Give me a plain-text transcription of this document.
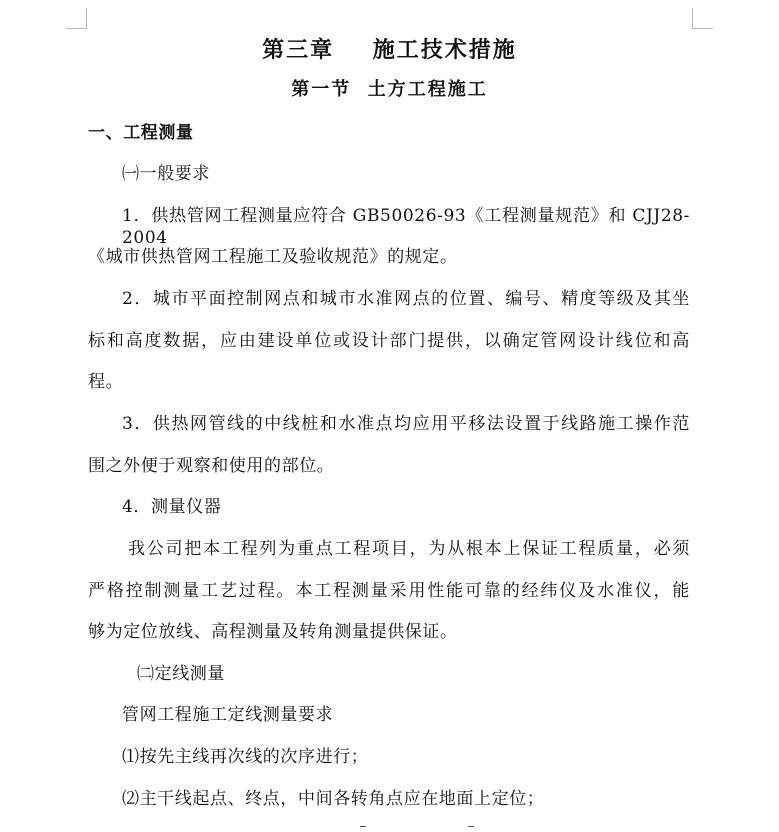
第三章    施工技术措施
第一节  土方工程施工
一、工程测量
㈠一般要求
1．供热管网工程测量应符合 GB50026-93《工程测量规范》和 CJJ28-2004
《城市供热管网工程施工及验收规范》的规定。
2．城市平面控制网点和城市水准网点的位置、编号、精度等级及其坐
标和高度数据，应由建设单位或设计部门提供，以确定管网设计线位和高
程。
3．供热网管线的中线桩和水准点均应用平移法设置于线路施工操作范
围之外便于观察和使用的部位。
4．测量仪器
我公司把本工程列为重点工程项目，为从根本上保证工程质量，必须
严格控制测量工艺过程。本工程测量采用性能可靠的经纬仪及水准仪，能
够为定位放线、高程测量及转角测量提供保证。
㈡定线测量
管网工程施工定线测量要求
⑴按先主线再次线的次序进行；
⑵主干线起点、终点，中间各转角点应在地面上定位；
